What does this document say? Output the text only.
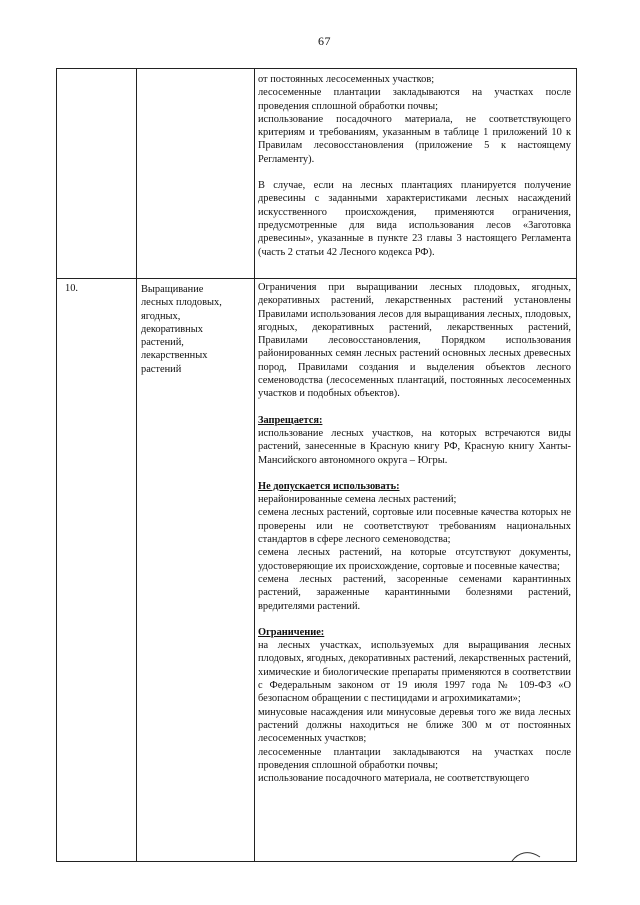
67

от постоянных лесосеменных участков;

лесосеменные плантации закладываются на участках после проведения сплошной обработки почвы;

использование посадочного материала, не соответствующего критериям и требованиям, указанным в таблице 1 приложений 10 к Правилам лесовосстановления (приложение 5 к настоящему Регламенту).

В случае, если на лесных плантациях планируется получение древесины с заданными характеристиками лесных насаждений искусственного происхождения, применяются ограничения, предусмотренные для вида использования лесов «Заготовка древесины», указанные в пункте 23 главы 3 настоящего Регламента (часть 2 статьи 42 Лесного кодекса РФ).

10.	Выращивание
лесных плодовых,
ягодных,
декоративных
растений,
лекарственных
растений

Ограничения при выращивании лесных плодовых, ягодных, декоративных растений, лекарственных растений установлены Правилами использования лесов для выращивания лесных, плодовых, ягодных, декоративных растений, лекарственных растений, Правилами лесовосстановления, Порядком использования районированных семян лесных растений основных лесных древесных пород, Правилами создания и выделения объектов лесного семеноводства (лесосеменных плантаций, постоянных лесосеменных участков и подобных объектов).

Запрещается:

использование лесных участков, на которых встречаются виды растений, занесенные в Красную книгу РФ, Красную книгу Ханты-Мансийского автономного округа – Югры.

Не допускается использовать:

нерайонированные семена лесных растений;

семена лесных растений, сортовые или посевные качества которых не проверены или не соответствуют требованиям национальных стандартов в сфере лесного семеноводства;

семена лесных растений, на которые отсутствуют документы, удостоверяющие их происхождение, сортовые и посевные качества;

семена лесных растений, засоренные семенами карантинных растений, зараженные карантинными болезнями растений, вредителями растений.

Ограничение:

на лесных участках, используемых для выращивания лесных плодовых, ягодных, декоративных растений, лекарственных растений, химические и биологические препараты применяются в соответствии с Федеральным законом от 19 июля 1997 года № 109-ФЗ «О безопасном обращении с пестицидами и агрохимикатами»;

минусовые насаждения или минусовые деревья того же вида лесных растений должны находиться не ближе 300 м от постоянных лесосеменных участков;

лесосеменные плантации закладываются на участках после проведения сплошной обработки почвы;

использование посадочного материала, не соответствующего
